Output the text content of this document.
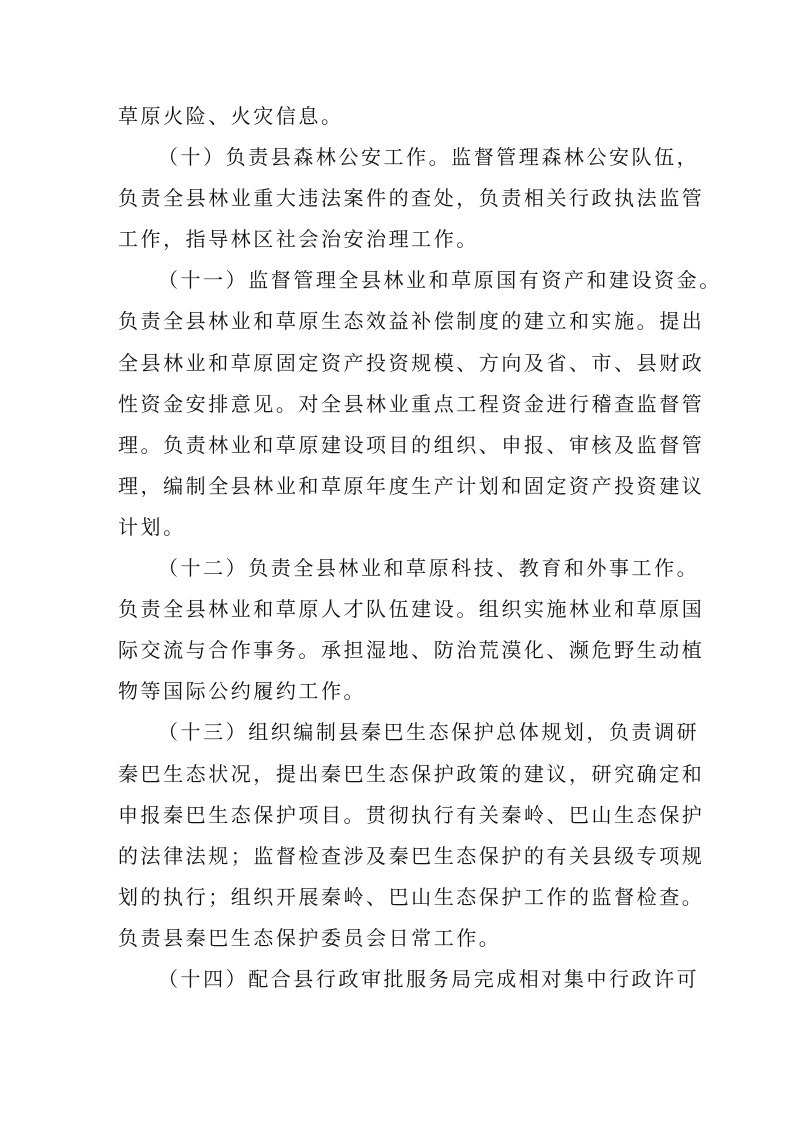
草原火险、火灾信息。
（十）负责县森林公安工作。监督管理森林公安队伍，
负责全县林业重大违法案件的查处，负责相关行政执法监管
工作，指导林区社会治安治理工作。
（十一）监督管理全县林业和草原国有资产和建设资金。
负责全县林业和草原生态效益补偿制度的建立和实施。提出
全县林业和草原固定资产投资规模、方向及省、市、县财政
性资金安排意见。对全县林业重点工程资金进行稽查监督管
理。负责林业和草原建设项目的组织、申报、审核及监督管
理，编制全县林业和草原年度生产计划和固定资产投资建议
计划。
（十二）负责全县林业和草原科技、教育和外事工作。
负责全县林业和草原人才队伍建设。组织实施林业和草原国
际交流与合作事务。承担湿地、防治荒漠化、濒危野生动植
物等国际公约履约工作。
（十三）组织编制县秦巴生态保护总体规划，负责调研
秦巴生态状况，提出秦巴生态保护政策的建议，研究确定和
申报秦巴生态保护项目。贯彻执行有关秦岭、巴山生态保护
的法律法规；监督检查涉及秦巴生态保护的有关县级专项规
划的执行；组织开展秦岭、巴山生态保护工作的监督检查。
负责县秦巴生态保护委员会日常工作。
（十四）配合县行政审批服务局完成相对集中行政许可
